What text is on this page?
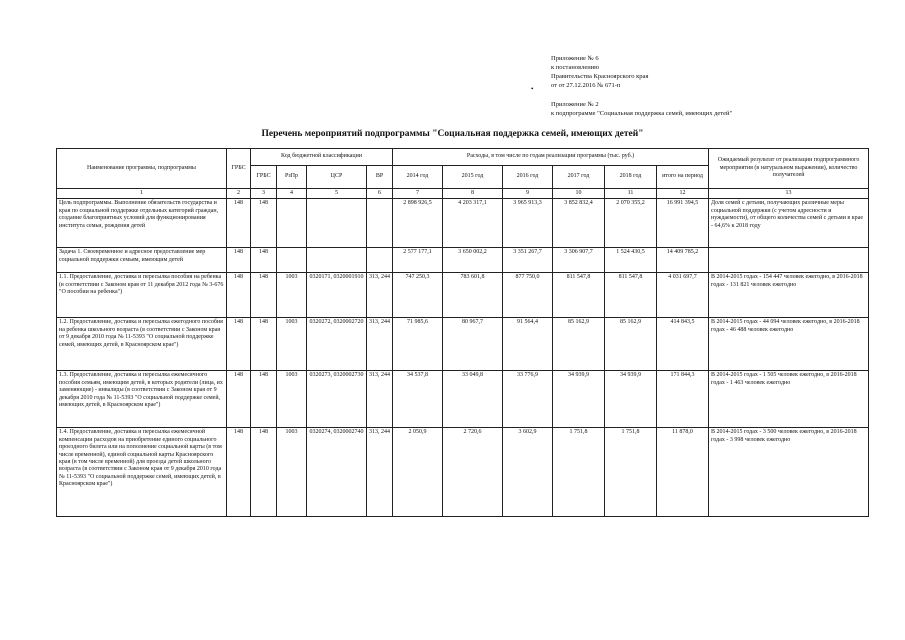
Приложение № 6
к постановлению
Правительства Красноярского края
от от 27.12.2016 № 671-п
•
Приложение № 2
к подпрограмме "Социальная поддержка семей, имеющих детей"
Перечень мероприятий подпрограммы "Социальная поддержка семей, имеющих детей"
Наименование программы, подпрограммы	ГРБС	Код бюджетной классификации				Расходы, в том числе по годам реализации программы (тыс. руб.)						Ожидаемый результат от реализации подпрограммного мероприятия (в натуральном выражении), количество получателей
		ГРБС	РзПр	ЦСР	ВР	2014 год	2015 год	2016 год	2017 год	2018 год	итого на период	
1	2	3	4	5	6	7	8	9	10	11	12	13
Цель подпрограммы. Выполнение обязательств государства и края по социальной поддержке отдельных категорий граждан, создание благоприятных условий для функционирования института семьи, рождения детей	148	148				2 898 926,5	4 203 317,1	3 965 913,3	3 852 832,4	2 070 355,2	16 991 394,5	Доля семей с детьми, получающих различные меры социальной поддержки (с учетом адресности и нуждаемости), от общего количества семей с детьми в крае - 64,6% к 2018 году
Задача 1. Своевременное и адресное предоставление мер социальной поддержки семьям, имеющим детей	148	148				2 577 177,1	3 650 002,2	3 351 267,7	3 306 907,7	1 524 430,5	14 409 785,2	
1.1. Предоставление, доставка и пересылка пособия на ребенка (в соответствии с Законом края от 11 декабря 2012 года № 3-676 "О пособии на ребенка")	148	148	1003	0320171, 0320001910	313, 244	747 250,3	783 601,8	877 750,0	811 547,8	811 547,8	4 031 697,7	В 2014-2015 годах - 154 447 человек ежегодно, в 2016-2018 годах - 131 821 человек ежегодно
1.2. Предоставление, доставка и пересылка ежегодного пособия на ребенка школьного возраста (в соответствии с Законом края от 9 декабря 2010 года № 11-5393 "О социальной поддержке семей, имеющих детей, в Красноярском крае")	148	148	1003	0320272, 0320002720	313, 244	71 985,6	80 967,7	91 564,4	85 162,9	85 162,9	414 843,5	В 2014-2015 годах - 44 094 человек ежегодно, в 2016-2018 годах - 46 488 человек ежегодно
1.3. Предоставление, доставка и пересылка ежемесячного пособия семьям, имеющим детей, в которых родители (лица, их заменяющие) - инвалиды (в соответствии с Законом края от 9 декабря 2010 года № 11-5393 "О социальной поддержке семей, имеющих детей, в Красноярском крае")	148	148	1003	0320273, 0320002730	313, 244	34 537,8	33 049,8	33 776,9	34 939,9	34 939,9	171 844,3	В 2014-2015 годах - 1 505 человек ежегодно, в 2016-2018 годах - 1 463 человек ежегодно
1.4. Предоставление, доставка и пересылка ежемесячной компенсации расходов на приобретение единого социального проездного билета или на пополнение социальной карты (в том числе временной), единой социальной карты Красноярского края (в том числе временной) для проезда детей школьного возраста (в соответствии с Законом края от 9 декабря 2010 года № 11-5393 "О социальной поддержке семей, имеющих детей, в Красноярском крае")	148	148	1003	0320274, 0320002740	313, 244	2 050,9	2 720,6	3 602,9	1 751,8	1 751,8	11 878,0	В 2014-2015 годах - 3 500 человек ежегодно, в 2016-2018 годах - 3 998 человек ежегодно
